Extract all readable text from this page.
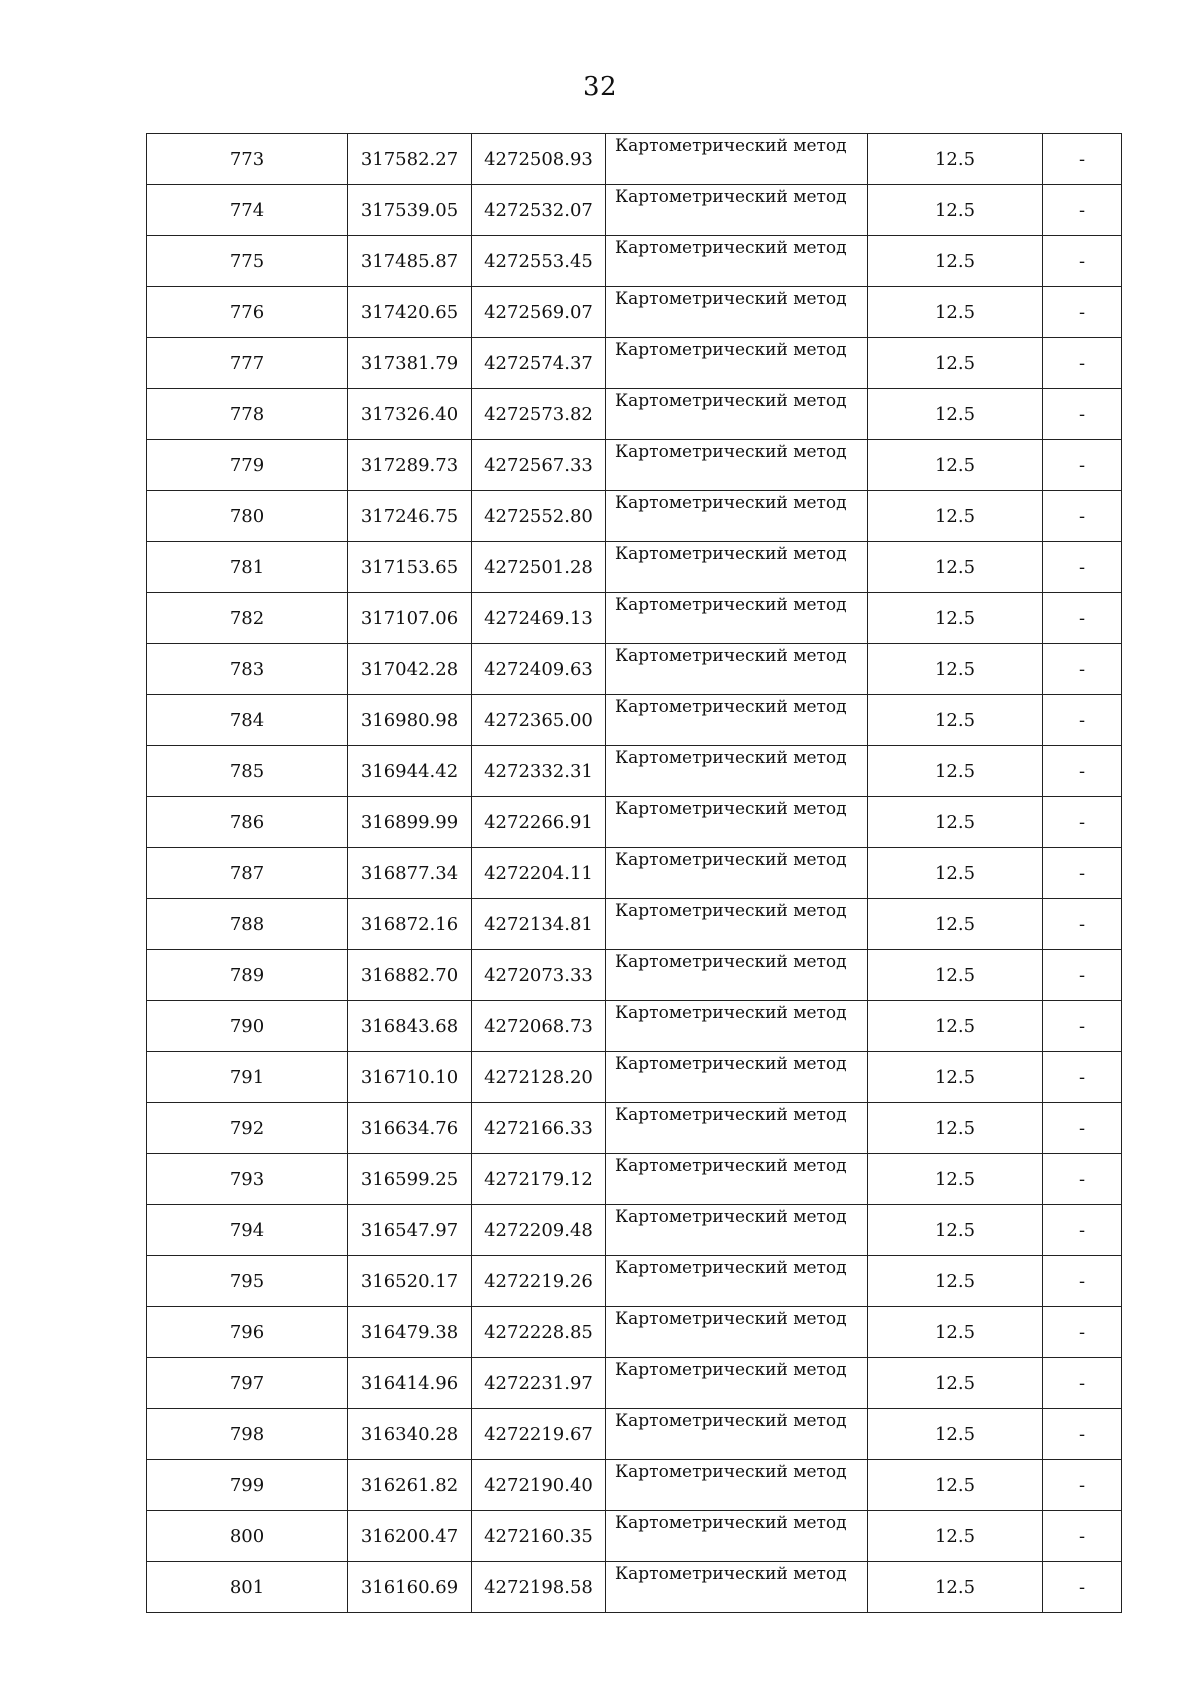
32
773	317582.27	4272508.93	Картометрический метод	12.5	-
774	317539.05	4272532.07	Картометрический метод	12.5	-
775	317485.87	4272553.45	Картометрический метод	12.5	-
776	317420.65	4272569.07	Картометрический метод	12.5	-
777	317381.79	4272574.37	Картометрический метод	12.5	-
778	317326.40	4272573.82	Картометрический метод	12.5	-
779	317289.73	4272567.33	Картометрический метод	12.5	-
780	317246.75	4272552.80	Картометрический метод	12.5	-
781	317153.65	4272501.28	Картометрический метод	12.5	-
782	317107.06	4272469.13	Картометрический метод	12.5	-
783	317042.28	4272409.63	Картометрический метод	12.5	-
784	316980.98	4272365.00	Картометрический метод	12.5	-
785	316944.42	4272332.31	Картометрический метод	12.5	-
786	316899.99	4272266.91	Картометрический метод	12.5	-
787	316877.34	4272204.11	Картометрический метод	12.5	-
788	316872.16	4272134.81	Картометрический метод	12.5	-
789	316882.70	4272073.33	Картометрический метод	12.5	-
790	316843.68	4272068.73	Картометрический метод	12.5	-
791	316710.10	4272128.20	Картометрический метод	12.5	-
792	316634.76	4272166.33	Картометрический метод	12.5	-
793	316599.25	4272179.12	Картометрический метод	12.5	-
794	316547.97	4272209.48	Картометрический метод	12.5	-
795	316520.17	4272219.26	Картометрический метод	12.5	-
796	316479.38	4272228.85	Картометрический метод	12.5	-
797	316414.96	4272231.97	Картометрический метод	12.5	-
798	316340.28	4272219.67	Картометрический метод	12.5	-
799	316261.82	4272190.40	Картометрический метод	12.5	-
800	316200.47	4272160.35	Картометрический метод	12.5	-
801	316160.69	4272198.58	Картометрический метод	12.5	-
